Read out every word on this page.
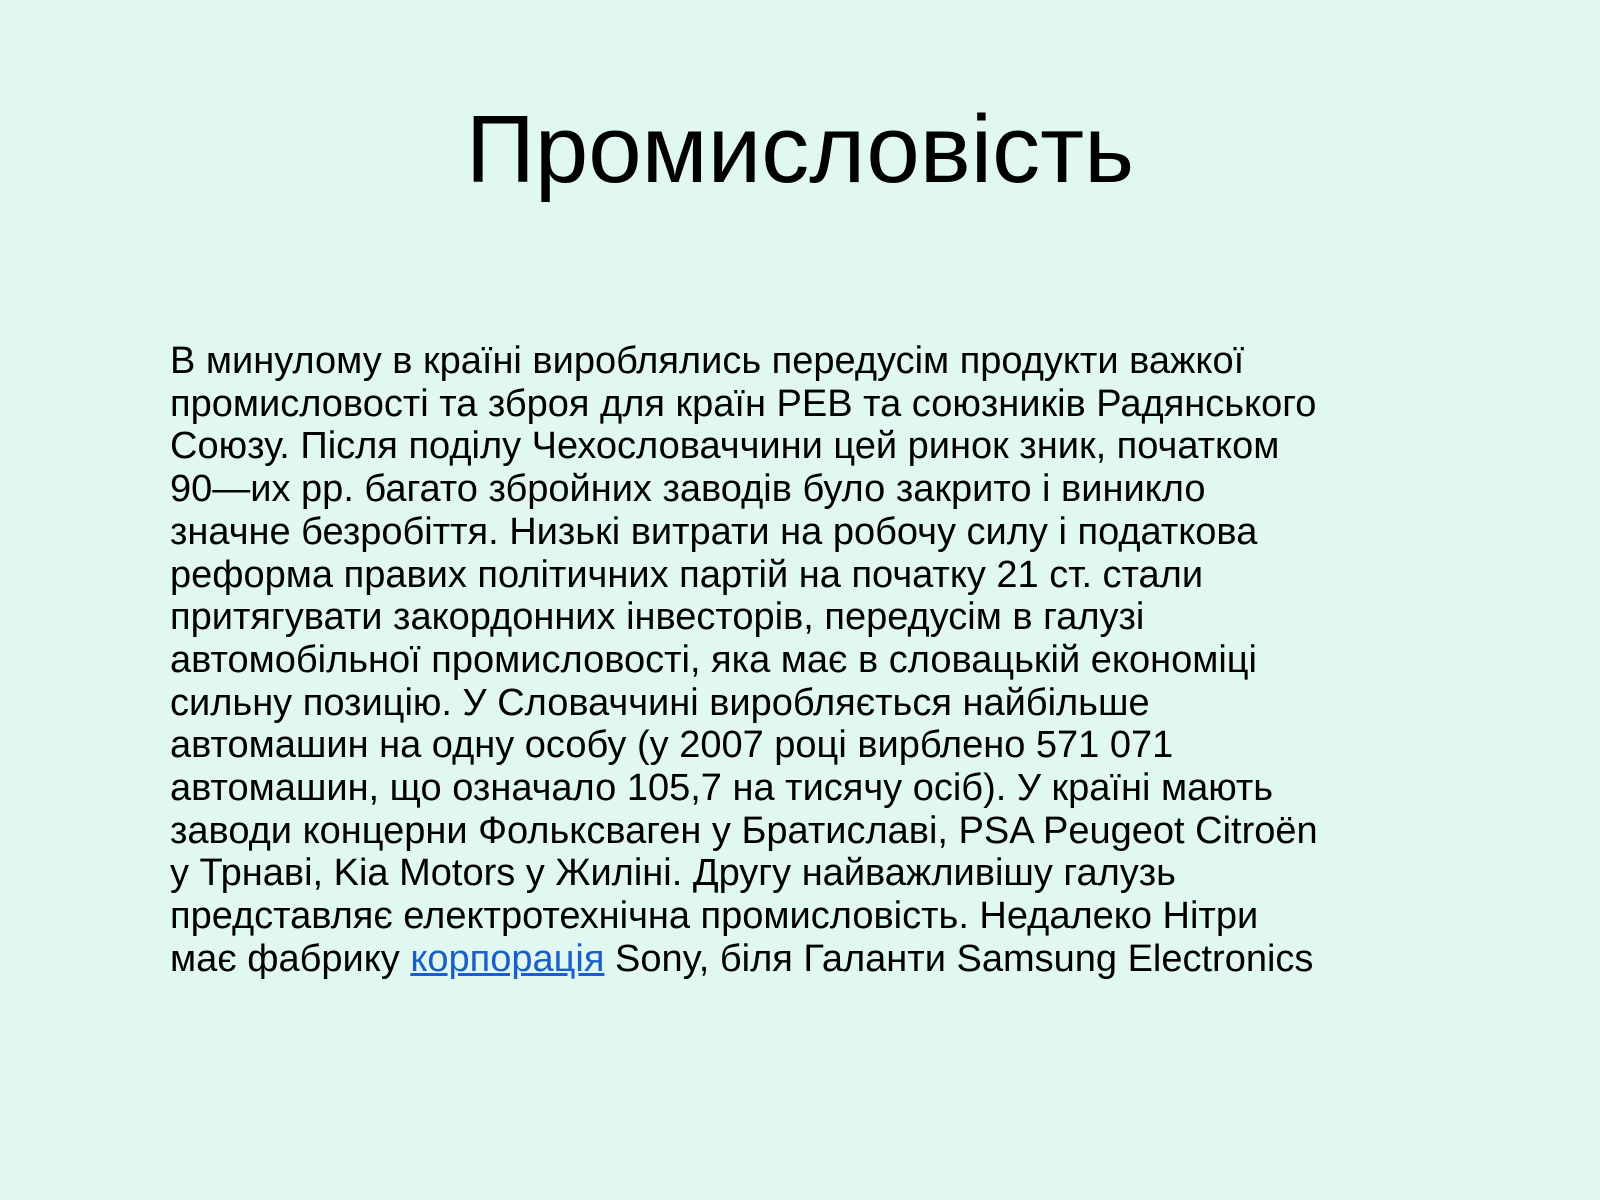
Промисловість
В минулому в країні вироблялись передусім продукти важкої
промисловості та зброя для країн РЕВ та союзників Радянського
Союзу. Після поділу Чехословаччини цей ринок зник, початком
90—их рр. багато збройних заводів було закрито і виникло
значне безробіття. Низькі витрати на робочу силу і податкова
реформа правих політичних партій на початку 21 ст. стали
притягувати закордонних інвесторів, передусім в галузі
автомобільної промисловості, яка має в словацькій економіці
сильну позицію. У Словаччині виробляється найбільше
автомашин на одну особу (у 2007 році вирблено 571 071
автомашин, що означало 105,7 на тисячу осіб). У країні мають
заводи концерни Фольксваген у Братиславі, PSA Peugeot Citroën
у Трнаві, Kia Motors у Жиліні. Другу найважливішу галузь
представляє електротехнічна промисловість. Недалеко Нітри
має фабрику корпорація Sony, біля Галанти Samsung Electronics
